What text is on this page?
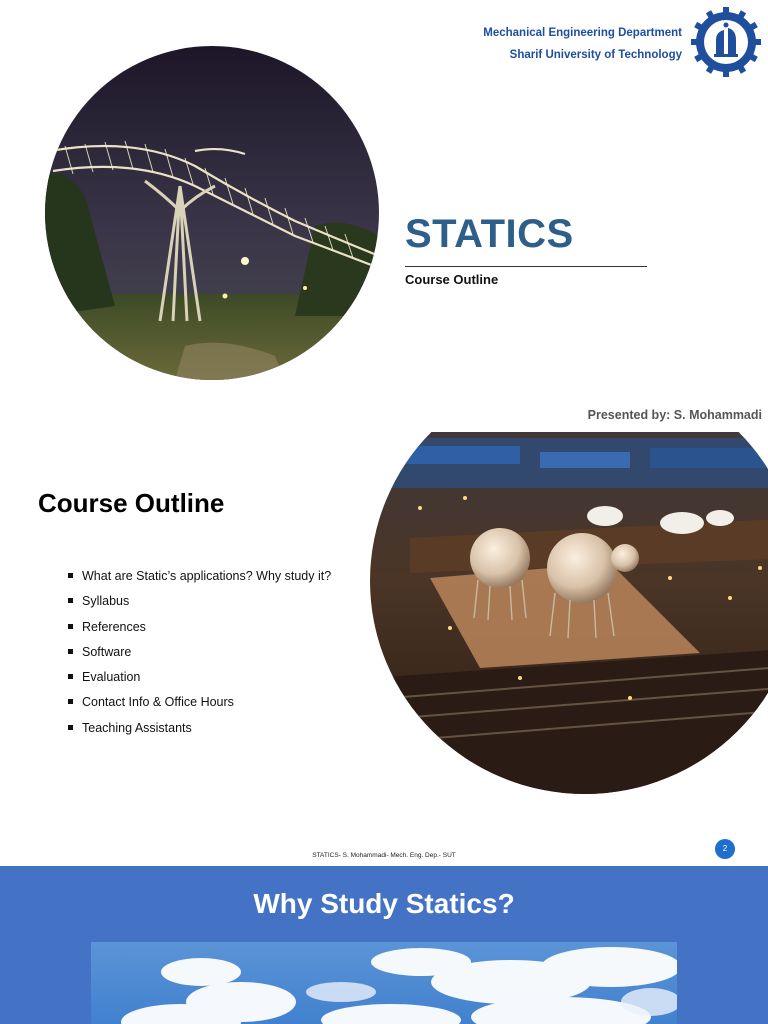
Mechanical Engineering Department
Sharif University of Technology
STATICS
Course Outline
Presented by: S. Mohammadi
Course Outline
What are Static’s applications? Why study it?
Syllabus
References
Software
Evaluation
Contact Info & Office Hours
Teaching Assistants
STATICS- S. Mohammadi- Mech. Eng. Dep.- SUT
2
Why Study Statics?
